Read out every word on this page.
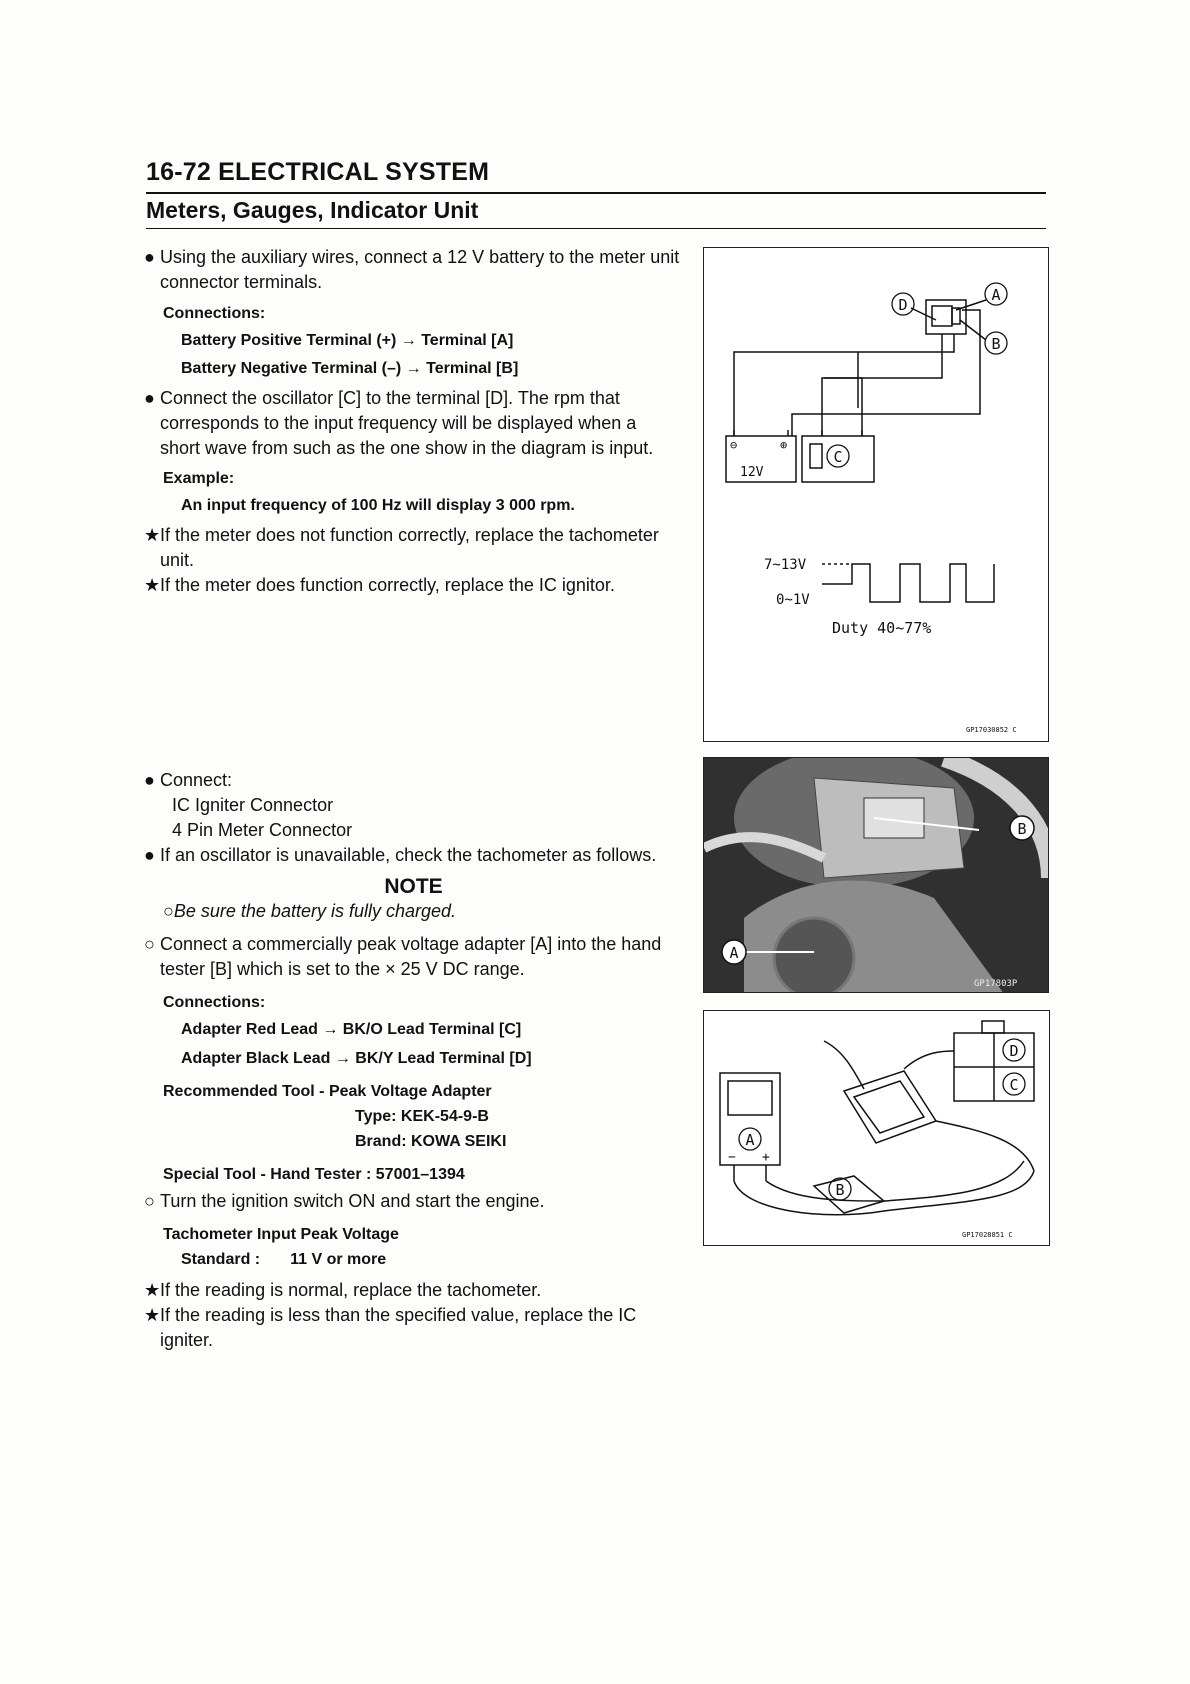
16-72 ELECTRICAL SYSTEM
Meters, Gauges, Indicator Unit
● Using the auxiliary wires, connect a 12 V battery to the meter unit connector terminals.
Connections:
Battery Positive Terminal (+) → Terminal [A]
Battery Negative Terminal (–) → Terminal [B]
● Connect the oscillator [C] to the terminal [D]. The rpm that corresponds to the input frequency will be displayed when a short wave from such as the one show in the diagram is input.
Example:
An input frequency of 100 Hz will display 3 000 rpm.
★ If the meter does not function correctly, replace the tachometer unit.
★ If the meter does function correctly, replace the IC ignitor.
● Connect:
IC Igniter Connector
4 Pin Meter Connector
● If an oscillator is unavailable, check the tachometer as follows.
NOTE
○Be sure the battery is fully charged.
○ Connect a commercially peak voltage adapter [A] into the hand tester [B] which is set to the × 25 V DC range.
Connections:
Adapter Red Lead → BK/O Lead Terminal [C]
Adapter Black Lead → BK/Y Lead Terminal [D]
Recommended Tool - Peak Voltage Adapter
Type: KEK-54-9-B
Brand: KOWA SEIKI
Special Tool - Hand Tester : 57001–1394
○ Turn the ignition switch ON and start the engine.
Tachometer Input Peak Voltage
Standard : 11 V or more
★ If the reading is normal, replace the tachometer.
★ If the reading is less than the specified value, replace the IC igniter.
D
A
B
C
⊖	⊕
12V
7~13V
0~1V
Duty 40~77%
GP17030852 C
A
B
GP17803P
A
− +
B
D
C
GP17028851 C
